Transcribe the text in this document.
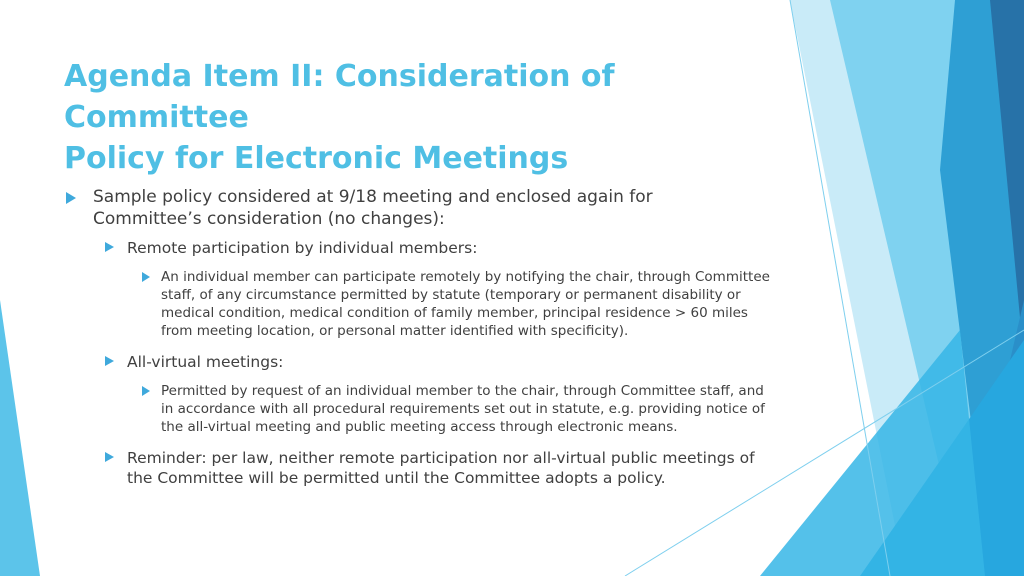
Agenda Item II: Consideration of Committee
Policy for Electronic Meetings
Sample policy considered at 9/18 meeting and enclosed again for
Committee’s consideration (no changes):
Remote participation by individual members:
An individual member can participate remotely by notifying the chair, through Committee
staff, of any circumstance permitted by statute (temporary or permanent disability or
medical condition, medical condition of family member, principal residence > 60 miles
from meeting location, or personal matter identified with specificity).
All-virtual meetings:
Permitted by request of an individual member to the chair, through Committee staff, and
in accordance with all procedural requirements set out in statute, e.g. providing notice of
the all-virtual meeting and public meeting access through electronic means.
Reminder: per law, neither remote participation nor all-virtual public meetings of
the Committee will be permitted until the Committee adopts a policy.
